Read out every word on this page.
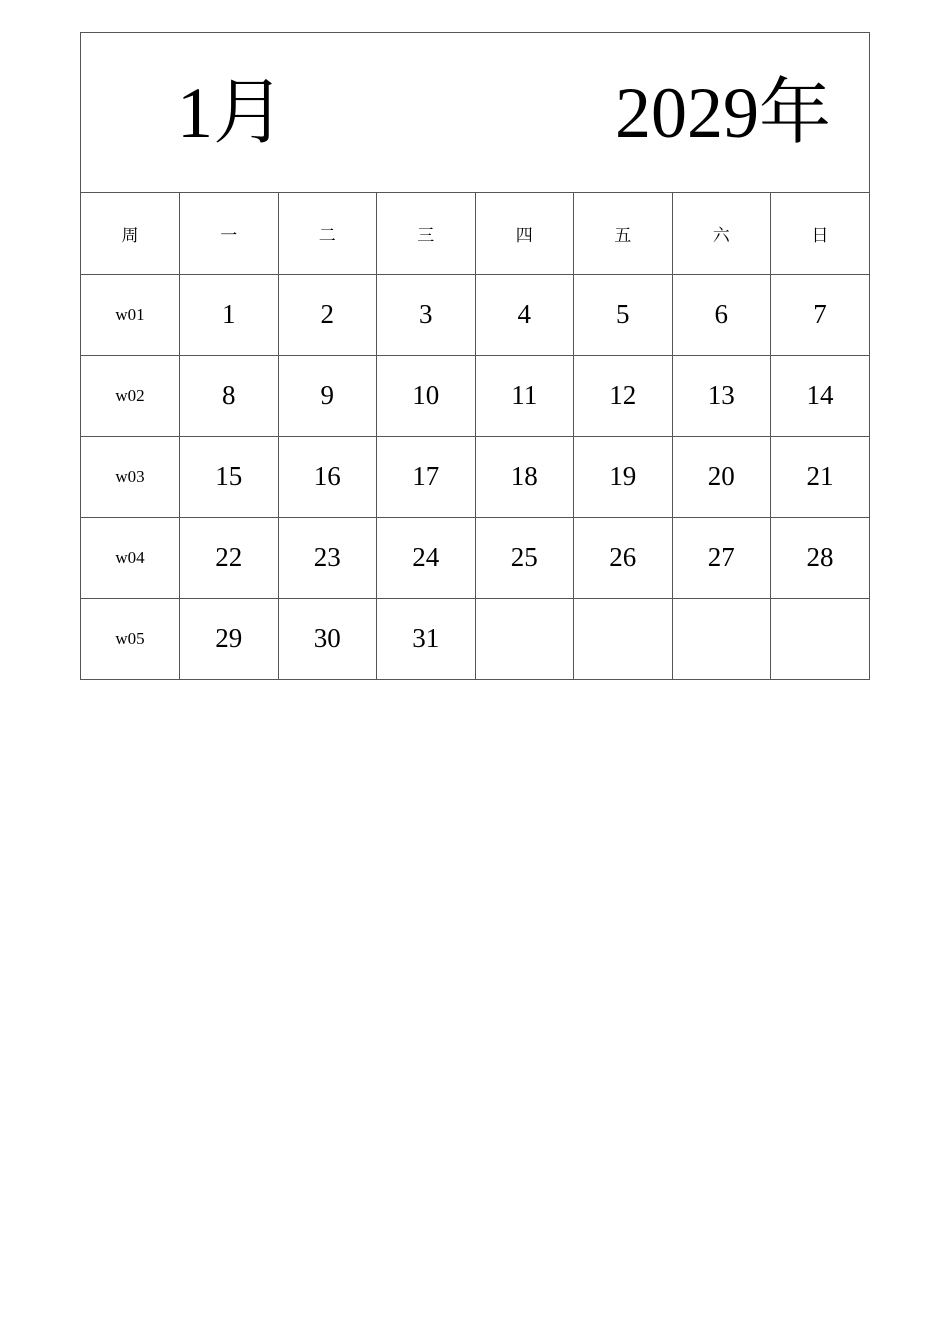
1月	2029年
周	一	二	三	四	五	六	日
w01	1	2	3	4	5	6	7
w02	8	9	10	11	12	13	14
w03	15	16	17	18	19	20	21
w04	22	23	24	25	26	27	28
w05	29	30	31				
